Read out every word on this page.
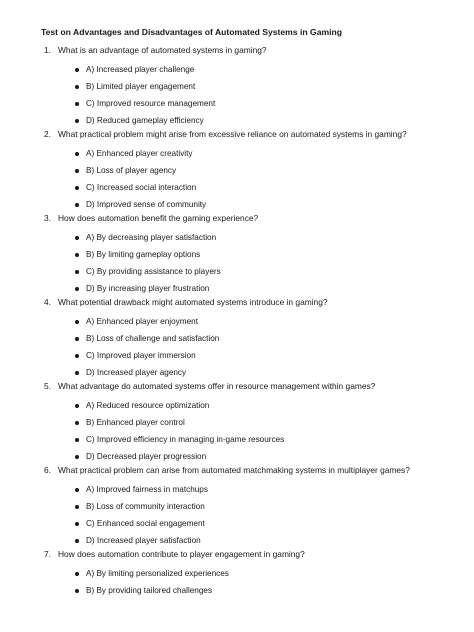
Test on Advantages and Disadvantages of Automated Systems in Gaming
1. What is an advantage of automated systems in gaming?
A) Increased player challenge
B) Limited player engagement
C) Improved resource management
D) Reduced gameplay efficiency
2. What practical problem might arise from excessive reliance on automated systems in gaming?
A) Enhanced player creativity
B) Loss of player agency
C) Increased social interaction
D) Improved sense of community
3. How does automation benefit the gaming experience?
A) By decreasing player satisfaction
B) By limiting gameplay options
C) By providing assistance to players
D) By increasing player frustration
4. What potential drawback might automated systems introduce in gaming?
A) Enhanced player enjoyment
B) Loss of challenge and satisfaction
C) Improved player immersion
D) Increased player agency
5. What advantage do automated systems offer in resource management within games?
A) Reduced resource optimization
B) Enhanced player control
C) Improved efficiency in managing in-game resources
D) Decreased player progression
6. What practical problem can arise from automated matchmaking systems in multiplayer games?
A) Improved fairness in matchups
B) Loss of community interaction
C) Enhanced social engagement
D) Increased player satisfaction
7. How does automation contribute to player engagement in gaming?
A) By limiting personalized experiences
B) By providing tailored challenges
